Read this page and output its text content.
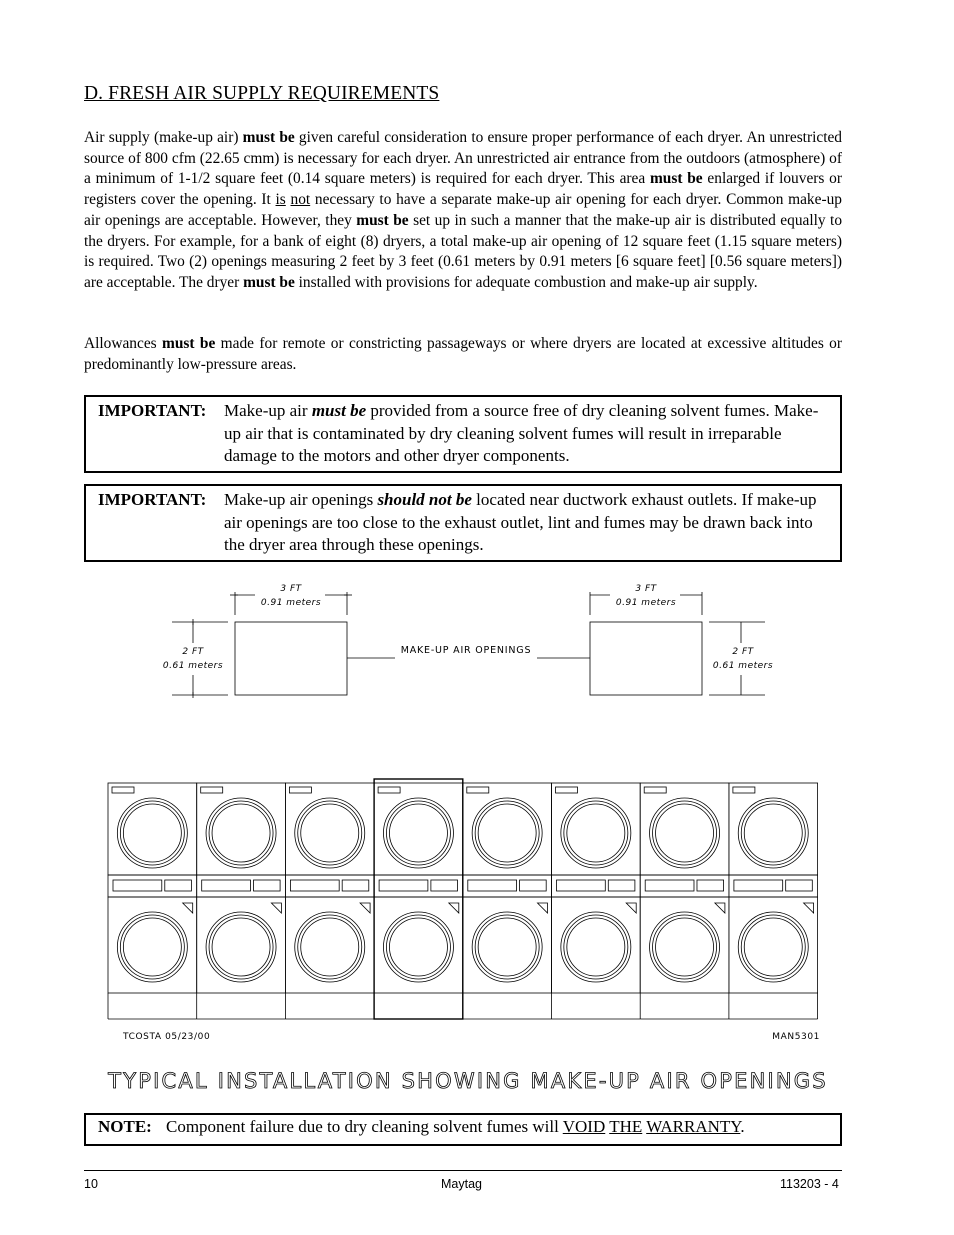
D. FRESH AIR SUPPLY REQUIREMENTS
Air supply (make-up air) must be given careful consideration to ensure proper performance of each dryer. An unrestricted source of 800 cfm (22.65 cmm) is necessary for each dryer. An unrestricted air entrance from the outdoors (atmosphere) of a minimum of 1-1/2 square feet (0.14 square meters) is required for each dryer. This area must be enlarged if louvers or registers cover the opening. It is not necessary to have a separate make-up air opening for each dryer. Common make-up air openings are acceptable. However, they must be set up in such a manner that the make-up air is distributed equally to the dryers. For example, for a bank of eight (8) dryers, a total make-up air opening of 12 square feet (1.15 square meters) is required. Two (2) openings measuring 2 feet by 3 feet (0.61 meters by 0.91 meters [6 square feet] [0.56 square meters]) are acceptable. The dryer must be installed with provisions for adequate combustion and make-up air supply.
Allowances must be made for remote or constricting passageways or where dryers are located at excessive altitudes or predominantly low-pressure areas.
IMPORTANT: Make-up air must be provided from a source free of dry cleaning solvent fumes. Make-up air that is contaminated by dry cleaning solvent fumes will result in irreparable damage to the motors and other dryer components.
IMPORTANT: Make-up air openings should not be located near ductwork exhaust outlets. If make-up air openings are too close to the exhaust outlet, lint and fumes may be drawn back into the dryer area through these openings.
3 FT
0.91 meters
3 FT
0.91 meters
2 FT
0.61 meters
2 FT
0.61 meters
MAKE-UP AIR OPENINGS
TCOSTA 05/23/00	MAN5301
TYPICAL INSTALLATION SHOWING MAKE-UP AIR OPENINGS
NOTE: Component failure due to dry cleaning solvent fumes will VOID THE WARRANTY.
10	Maytag	113203 - 4
